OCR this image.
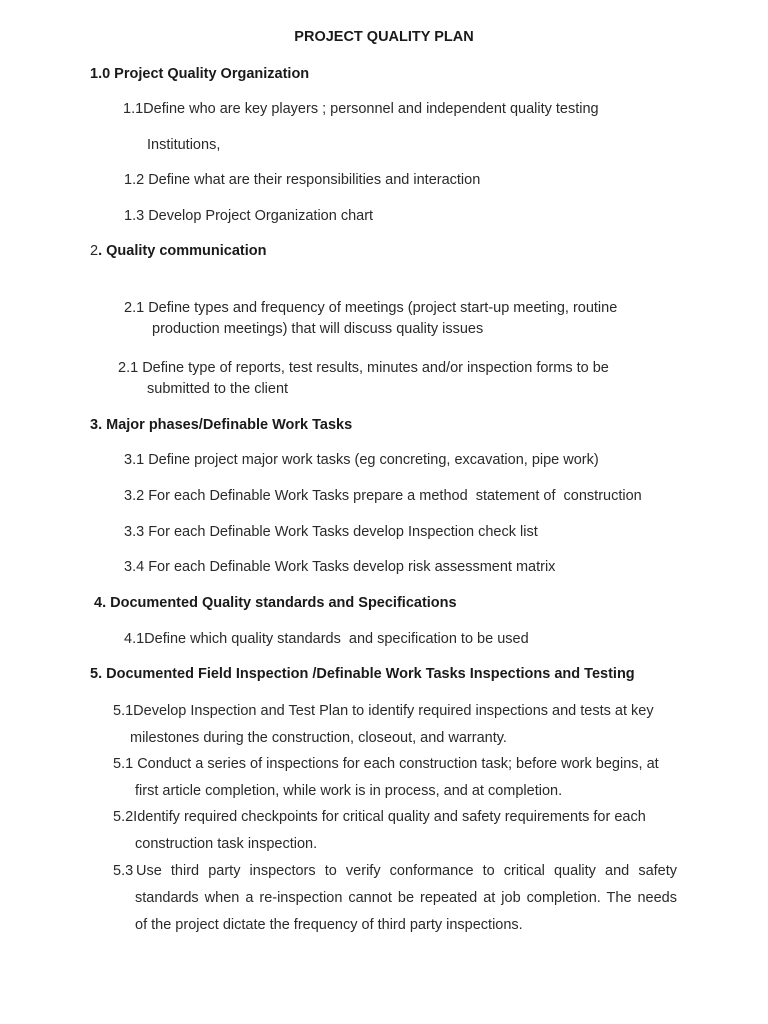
PROJECT QUALITY PLAN
1.0 Project Quality Organization
1.1Define who are key players ; personnel and independent quality testing
Institutions,
1.2 Define what are their responsibilities and interaction
1.3 Develop Project Organization chart
2. Quality communication
2.1 Define types and frequency of meetings (project start-up meeting, routine
production meetings) that will discuss quality issues
2.1 Define type of reports, test results, minutes and/or inspection forms to be
submitted to the client
3. Major phases/Definable Work Tasks
3.1 Define project major work tasks (eg concreting, excavation, pipe work)
3.2 For each Definable Work Tasks prepare a method  statement of  construction
3.3 For each Definable Work Tasks develop Inspection check list
3.4 For each Definable Work Tasks develop risk assessment matrix
4. Documented Quality standards and Specifications
4.1Define which quality standards  and specification to be used
5. Documented Field Inspection /Definable Work Tasks Inspections and Testing
5.1Develop Inspection and Test Plan to identify required inspections and tests at key
milestones during the construction, closeout, and warranty.
5.1 Conduct a series of inspections for each construction task; before work begins, at
first article completion, while work is in process, and at completion.
5.2Identify required checkpoints for critical quality and safety requirements for each
construction task inspection.
5.3 Use third party inspectors to verify conformance to critical quality and safety
standards when a re-inspection cannot be repeated at job completion. The needs
of the project dictate the frequency of third party inspections.
